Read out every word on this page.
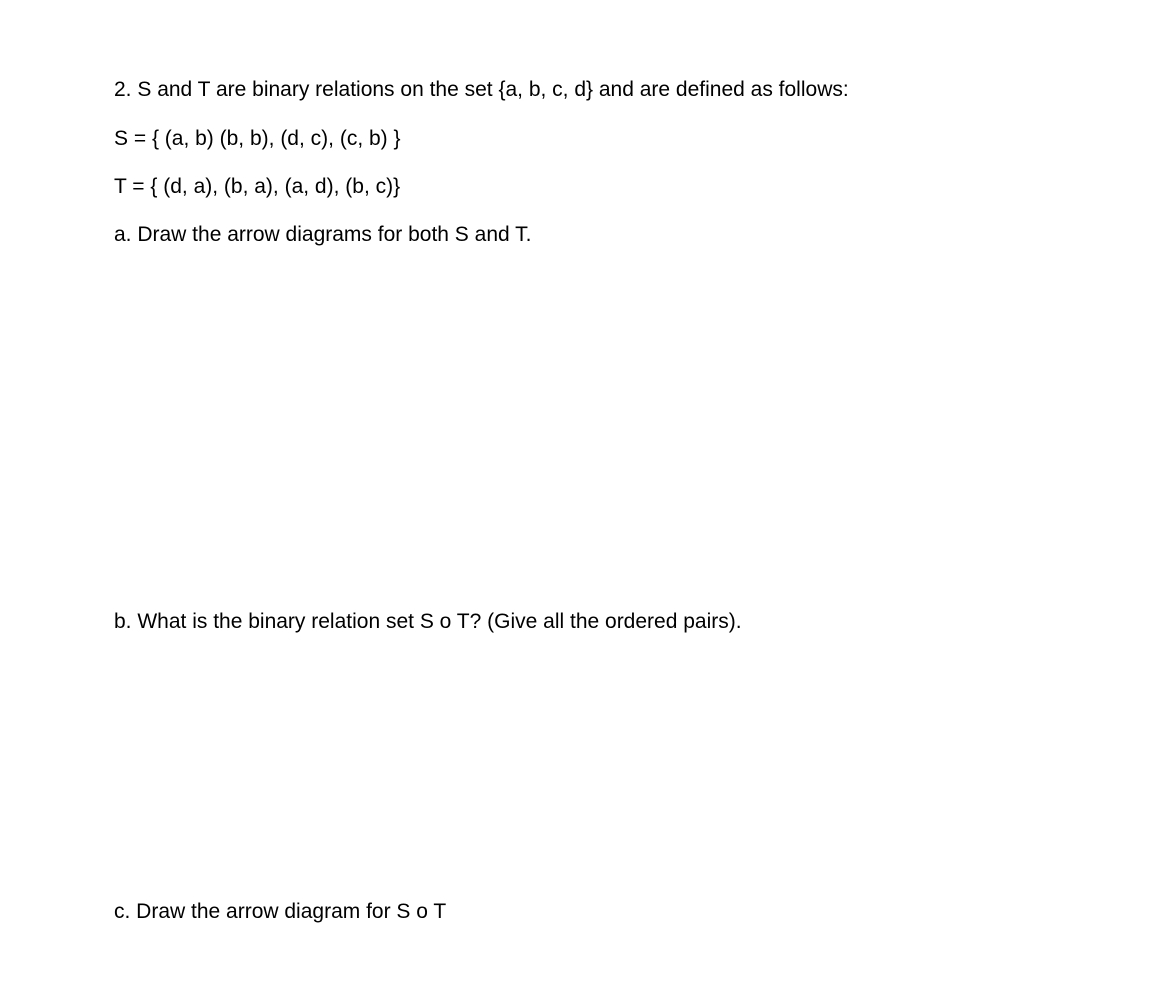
2. S and T are binary relations on the set {a, b, c, d} and are defined as follows:
S = { (a, b) (b, b), (d, c), (c, b) }
T = { (d, a), (b, a), (a, d), (b, c)}
a. Draw the arrow diagrams for both S and T.
b. What is the binary relation set S o T? (Give all the ordered pairs).
c. Draw the arrow diagram for S o T
